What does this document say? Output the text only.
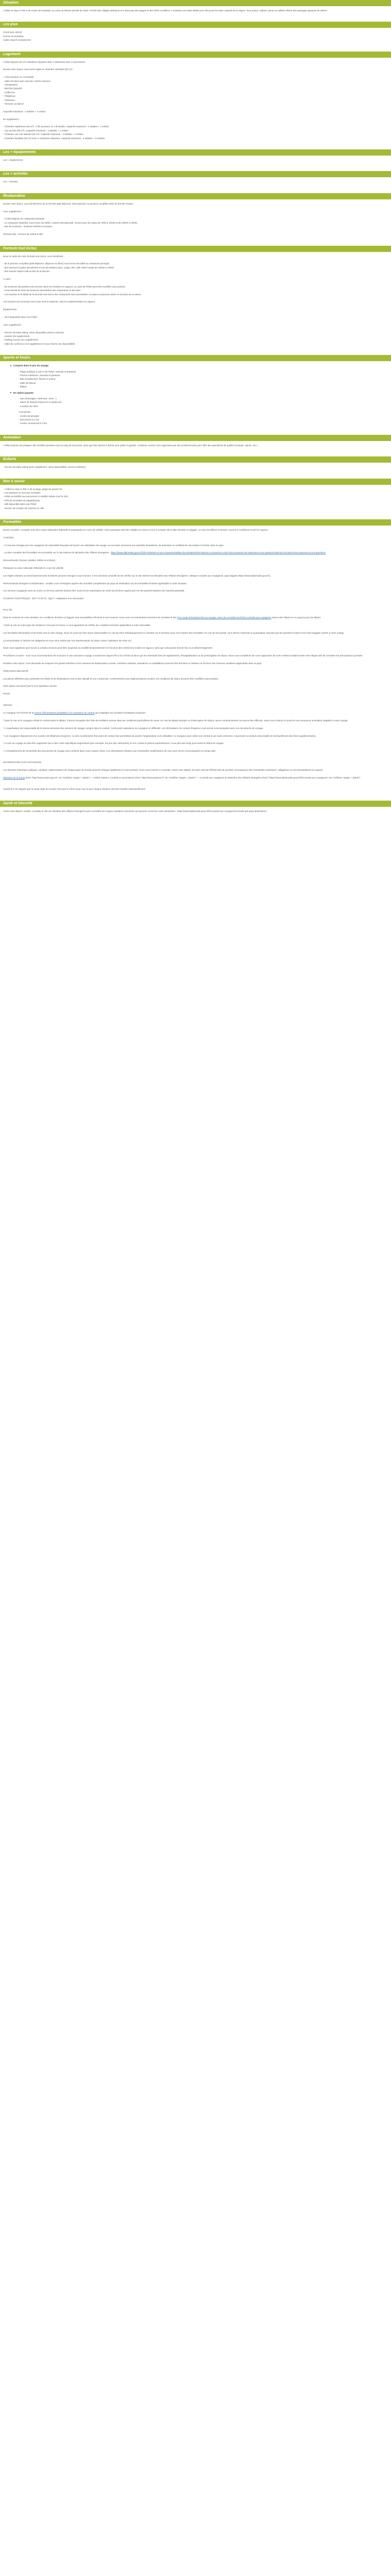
Situation

L'hôtel se situe à 700 m du centre de Nuweiba, au cœur du littoral oriental du Sinaï. Proche des villages bédouins et à deux pas des plages et des récifs coralliens, il constitue une base idéale pour découvrir les sites naturels de la région. Tout autour, collines, dunes et vallées offrent des paysages typiques du désert.

Les plus
Grand parc arboré
Piscine de Nuweiba
Cadre naturel exceptionnel
Logement

L'hôtel dispose de 172 chambres réparties dans 3 bâtiments avec 2 ascenseurs.

Durant votre séjour, vous serez logés en chambre standard (25 m²) :

- 2 lits jumeaux ou 1 lit double
- Salle de bains avec douche / sèche-cheveux
- Climatisation
- Mini-bar (payant)
- Coffre-fort
- Téléphone
- Télévision
- Terrasse ou balcon

Capacité maximum : 2 adultes + 1 enfant

En supplément :

- Chambre supérieure (28 m²) : 2 lits jumeaux ou 1 lit double. Capacité maximum : 2 adultes + 1 enfant.
- Vue piscine (28 m²). Capacité maximum : 2 adultes + 1 enfant.
- Chambre vue mer latérale (28 m²). Capacité maximum : 2 adultes + 1 enfant.
- Chambre familiale (35 m²) avec 2 chambres séparées. Capacité maximum : 2 adultes + 2 enfants.
Les + équipements

Les + équipements

Les + activités

Les + activités

Restauration

Durant votre séjour, vous bénéficierez de la formule petit-déjeuner, demi-pension ou pension complète selon la formule choisie.

Avec supplément :

- L'hôtel dispose d'1 restaurant principal :
- Le restaurant Nuweiba, sous forme de buffet, cuisine internationale. Ouvert pour les repas de 7h00 à 10h30 et de 19h00 à 22h00.
- Bar de la piscine : boissons fraîches et snacks.

Terrasse Bar : Service de 10h00 à 00h.

Formule tout inclus

Dans le cadre de votre formule tout inclus, vous bénéficiez :

- de la pension complète (petit-déjeuner, déjeuner et dîner) sous forme de buffet au restaurant principal,
- des boissons locales alcoolisées et non alcoolisées (eau, sodas, thé, café, bière locale) de 10h00 à 23h00,
- des snacks l'après-midi au bar de la piscine,

À noter :

- les boissons alcoolisées sont servies selon les horaires en vigueur. La carte de l'hôtel peut être modifiée sans préavis.
- Il est interdit de sortir les boissons alcoolisées des restaurants et des bars.
- Les horaires et le détail de la formule tout inclus des restaurants sont accessibles sur place et peuvent varier en fonction de la saison.

Les horaires de la formule tout inclus sont à respecter, selon la réglementation en vigueur.

Équipements :

- Wi-fi disponible dans tout l'hôtel

Avec supplément :

- Service de baby-sitting, salon disponible (service externe)
- Laverie (en supplément)
- Parking couvert (en supplément)
- Salle de conférence (en supplément et sous réserve de disponibilité)
Sports et loisirs
Compris dans le prix du voyage
- Plage publique à 100 m de l'hôtel, transats et parasols
- Piscine extérieure, transats et parasols
- Bain bouillonnant, fitness et sauna
- Salle de fitness
- Billard
En option payante
- Spa (massages, hammam, soins...)
- Salon de beauté (manucure et pédicure)
- Location de vélos
À proximité :
- Centre de plongée
- Excursions en 4x4
- Centre commercial à 2 km
Animation

L'hôtel propose de pratiquer des activités sportives tout au long de la journée, ainsi que des soirées à thème pour petits et grands. Certaines soirées sont organisées par des professionnels pour offrir des spectacles de qualité (musique, danse, etc.).

Enfants

- Service de baby-sitting (avec supplément, selon disponibilité, service extérieur)

Bon à savoir
- L'hôtel se situe à 200 m de la plage, plage de gravier fin
- Les animaux ne sont pas acceptés.
- Hôtel accessible aux personnes à mobilité réduite sauf le SPA.
- Prêt de serviettes de plage/piscine
- Wifi disponible dans tout l'hôtel
- Service de location de voitures en ville
Formalités

Bonne nouvelle ! Comptez trois des cartes nationales d'identité et passeports en cours de validité. Votre passeport doit être valable au moins 6 mois à compter de la date d'entrée en Égypte. Le visa est délivré à l'arrivée, soumis à conditions et tarif en vigueur.

À NOTER

- Il n'est pas d'usage pour les voyageurs de nationalité française de fournir une attestation de voyage ou tout autre document aux autorités douanières, de présenter un certificat de vaccination à l'entrée dans le pays.

- La liste complète des formalités est accessible sur le site internet du Ministère des Affaires étrangères : https://www.diplomatie.gouv.fr/fr/le-ministere-et-son-reseau/actualites-du-ministere/informations-coronavirus-covid-19/coronavirus-les-reponses-a-vos-questions/article/coronavirus-les-reponses-a-vos-questions

Ressortissants français (adultes, bébés et enfants) :

Passeport ou carte nationale d'identité en cours de validité.

Les règles relatives au franchissement des frontières peuvent changer à tout moment. Il est vivement conseillé de les vérifier sur le site internet du Ministère des Affaires étrangères, rubrique Conseils aux Voyageurs, pays Égypte (https://www.diplomatie.gouv.fr).

Ressortissants étrangers et binationaux : veuillez vous renseigner auprès des autorités compétentes du pays de destination sur les formalités d'entrée applicables à votre situation.

Les mineurs voyageant sans au moins un de leurs parents doivent être munis d'une autorisation de sortie du territoire signée par l'un des parents titulaires de l'autorité parentale.

COURANT ÉLECTRIQUE : 220 V à 50 Hz. Type F. Adaptateur non nécessaire.

Pour info

Dans le contexte de crise sanitaire, les conditions d'entrée en Égypte sont susceptibles d'évoluer à tout moment. Nous vous recommandons vivement de consulter le lien Pour toute information liée au voyage, merci de consulter les fiches conseils aux voyageurs avant votre départ et ce jusqu'au jour du départ.

* Dans le cas où votre pays de résidence n'est pas la France, il vous appartient de vérifier les conditions d'entrée applicables à votre nationalité.

Les formalités demandées et les tests sont à votre charge. Nous ne pourrons être tenus responsables en cas de refus d'embarquement ou d'entrée sur le territoire pour non-respect des formalités. En cas de test positif, vous devrez respecter la quarantaine imposée par les autorités locales et les frais engagés restent à votre charge.

La rémunération à l'arrivée est obligatoire et vous sera remise par nos représentants sur place, selon l'opérateur de votre vol.

Nous vous rappelons que l'accès à certains services peut être suspendu ou modifié temporairement en fonction des restrictions locales en vigueur, sans que cela puisse donner lieu à un dédommagement.

Procédures à suivre : nous vous recommandons de souscrire à une assurance voyage couvrant les risques liés à la COVID-19 ainsi que les éventuels frais de rapatriement, d'hospitalisation ou de prolongation de séjour. Nous vous conseillons de vous rapprocher de votre médecin traitant avant votre départ afin de connaître les précautions à prendre.

Pendant votre séjour, il est demandé de respecter les gestes barrières et les mesures de distanciation sociale. Certaines activités, animations ou installations pourront être fermées ou limitées en fonction des mesures sanitaires applicables dans le pays.

PRÉCISION SÉCURITÉ

Les pièces affichées pour présenter les hôtels et les destinations sont à titre indicatif et non contractuel. Conformément aux réglementations locales, les conditions de séjour peuvent être modifiées sans préavis.

Votre séjour est assuré par le tour-opérateur suivant :

FRAM

Attention

Le voyageur est informé de la remise d'informations préalables à la conclusion du contrat qui s'applique aux produits touristiques proposés :

* Dans le cas où le voyageur résilie le contrat avant le départ, il devra s'acquitter des frais de résiliation prévus dans les conditions particulières de vente. En cas de départ anticipé ou d'interruption du séjour, aucun remboursement ne pourra être effectué. Nous vous invitons à souscrire une assurance annulation adaptée à votre voyage.

* L'organisateur est responsable de la bonne exécution des services de voyage compris dans le contrat. Il doit porter assistance au voyageur en difficulté. Les informations de contact d'urgence vous seront communiquées avec vos documents de voyage.

* Les voyageurs disposeront d'un numéro de téléphone d'urgence, ou des coordonnées d'un point de contact leur permettant de joindre l'organisateur ou le détaillant. Le voyageur peut céder son contrat à une autre personne, moyennant un préavis raisonnable et éventuellement des frais supplémentaires.

* Le prix du voyage ne peut être augmenté que si des coûts spécifiques augmentent (par exemple, les prix des carburants) et si le contrat le prévoit expressément, et au plus tard vingt jours avant le début du voyage.

* L'enregistrement de l'ensemble des documents de voyage sera confirmé dans votre espace client. Les informations relatives aux éventuelles modifications de vols vous seront communiquées en temps utile.

INFORMATIONS SUR VOYAGEURS

Les données (identique, politique, sanitaire, réglementaire) de chaque pays du monde peuvent changer rapidement et sans préavis. Nous vous invitons à consulter, avant votre départ, les sites internet officiels afin de prendre connaissance des éventuelles restrictions, obligations ou recommandations en vigueur.

Ministère de la Santé (href="http://www.sante.gouv.fr" rel="nofollow" target="_blank") — Institut Pasteur, conseils et vaccinations (href="http://www.pasteur.fr" rel="nofollow" target="_blank") — Conseils aux voyageurs du Ministère des Affaires étrangères (href="https://www.diplomatie.gouv.fr/fr/conseils-aux-voyageurs" rel="nofollow" target="_blank").

Toutefois il est rappelé que la seule règle du monde n'est pas la même pour tous et que chaque situation doit être étudiée individuellement.

Santé et Sécurité

Avant votre départ, veuillez consulter le site du ministère des Affaires étrangères pour connaître les risques sanitaires éventuels qui peuvent concerner votre destination : https://www.diplomatie.gouv.fr/fr/conseils-aux-voyageurs/conseils-par-pays-destination/
